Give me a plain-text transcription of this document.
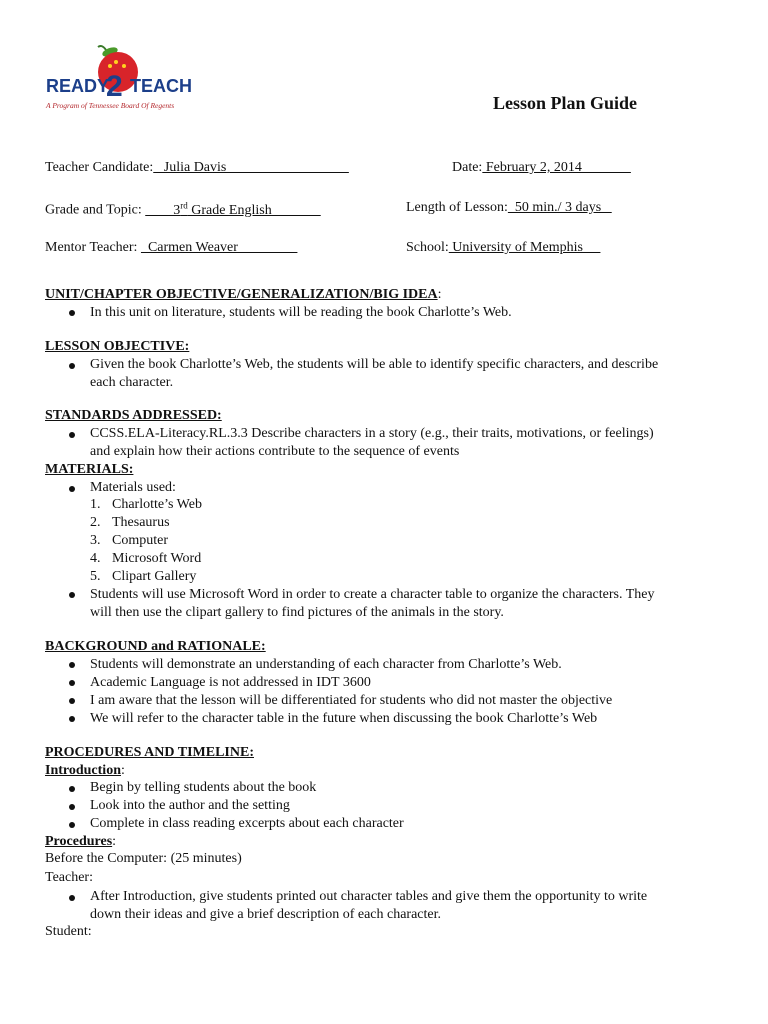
READY
2 TEACH
A Program of Tennessee Board Of Regents	Lesson Plan Guide
Teacher Candidate:   Julia Davis	Date: February 2, 2014
Grade and Topic:         3rd Grade English	Length of Lesson:  50 min./ 3 days
Mentor Teacher:   Carmen Weaver	School: University of Memphis
UNIT/CHAPTER OBJECTIVE/GENERALIZATION/BIG IDEA:
In this unit on literature, students will be reading the book Charlotte’s Web.
LESSON OBJECTIVE:
Given the book Charlotte’s Web, the students will be able to identify specific characters, and describe
each character.
STANDARDS ADDRESSED:
CCSS.ELA-Literacy.RL.3.3 Describe characters in a story (e.g., their traits, motivations, or feelings)
and explain how their actions contribute to the sequence of events
MATERIALS:
Materials used:
1. Charlotte’s Web
2. Thesaurus
3. Computer
4. Microsoft Word
5. Clipart Gallery
Students will use Microsoft Word in order to create a character table to organize the characters. They
will then use the clipart gallery to find pictures of the animals in the story.
BACKGROUND and RATIONALE:
Students will demonstrate an understanding of each character from Charlotte’s Web.
Academic Language is not addressed in IDT 3600
I am aware that the lesson will be differentiated for students who did not master the objective
We will refer to the character table in the future when discussing the book Charlotte’s Web
PROCEDURES AND TIMELINE:
Introduction:
Begin by telling students about the book
Look into the author and the setting
Complete in class reading excerpts about each character
Procedures:
Before the Computer: (25 minutes)
Teacher:
After Introduction, give students printed out character tables and give them the opportunity to write
down their ideas and give a brief description of each character.
Student:
